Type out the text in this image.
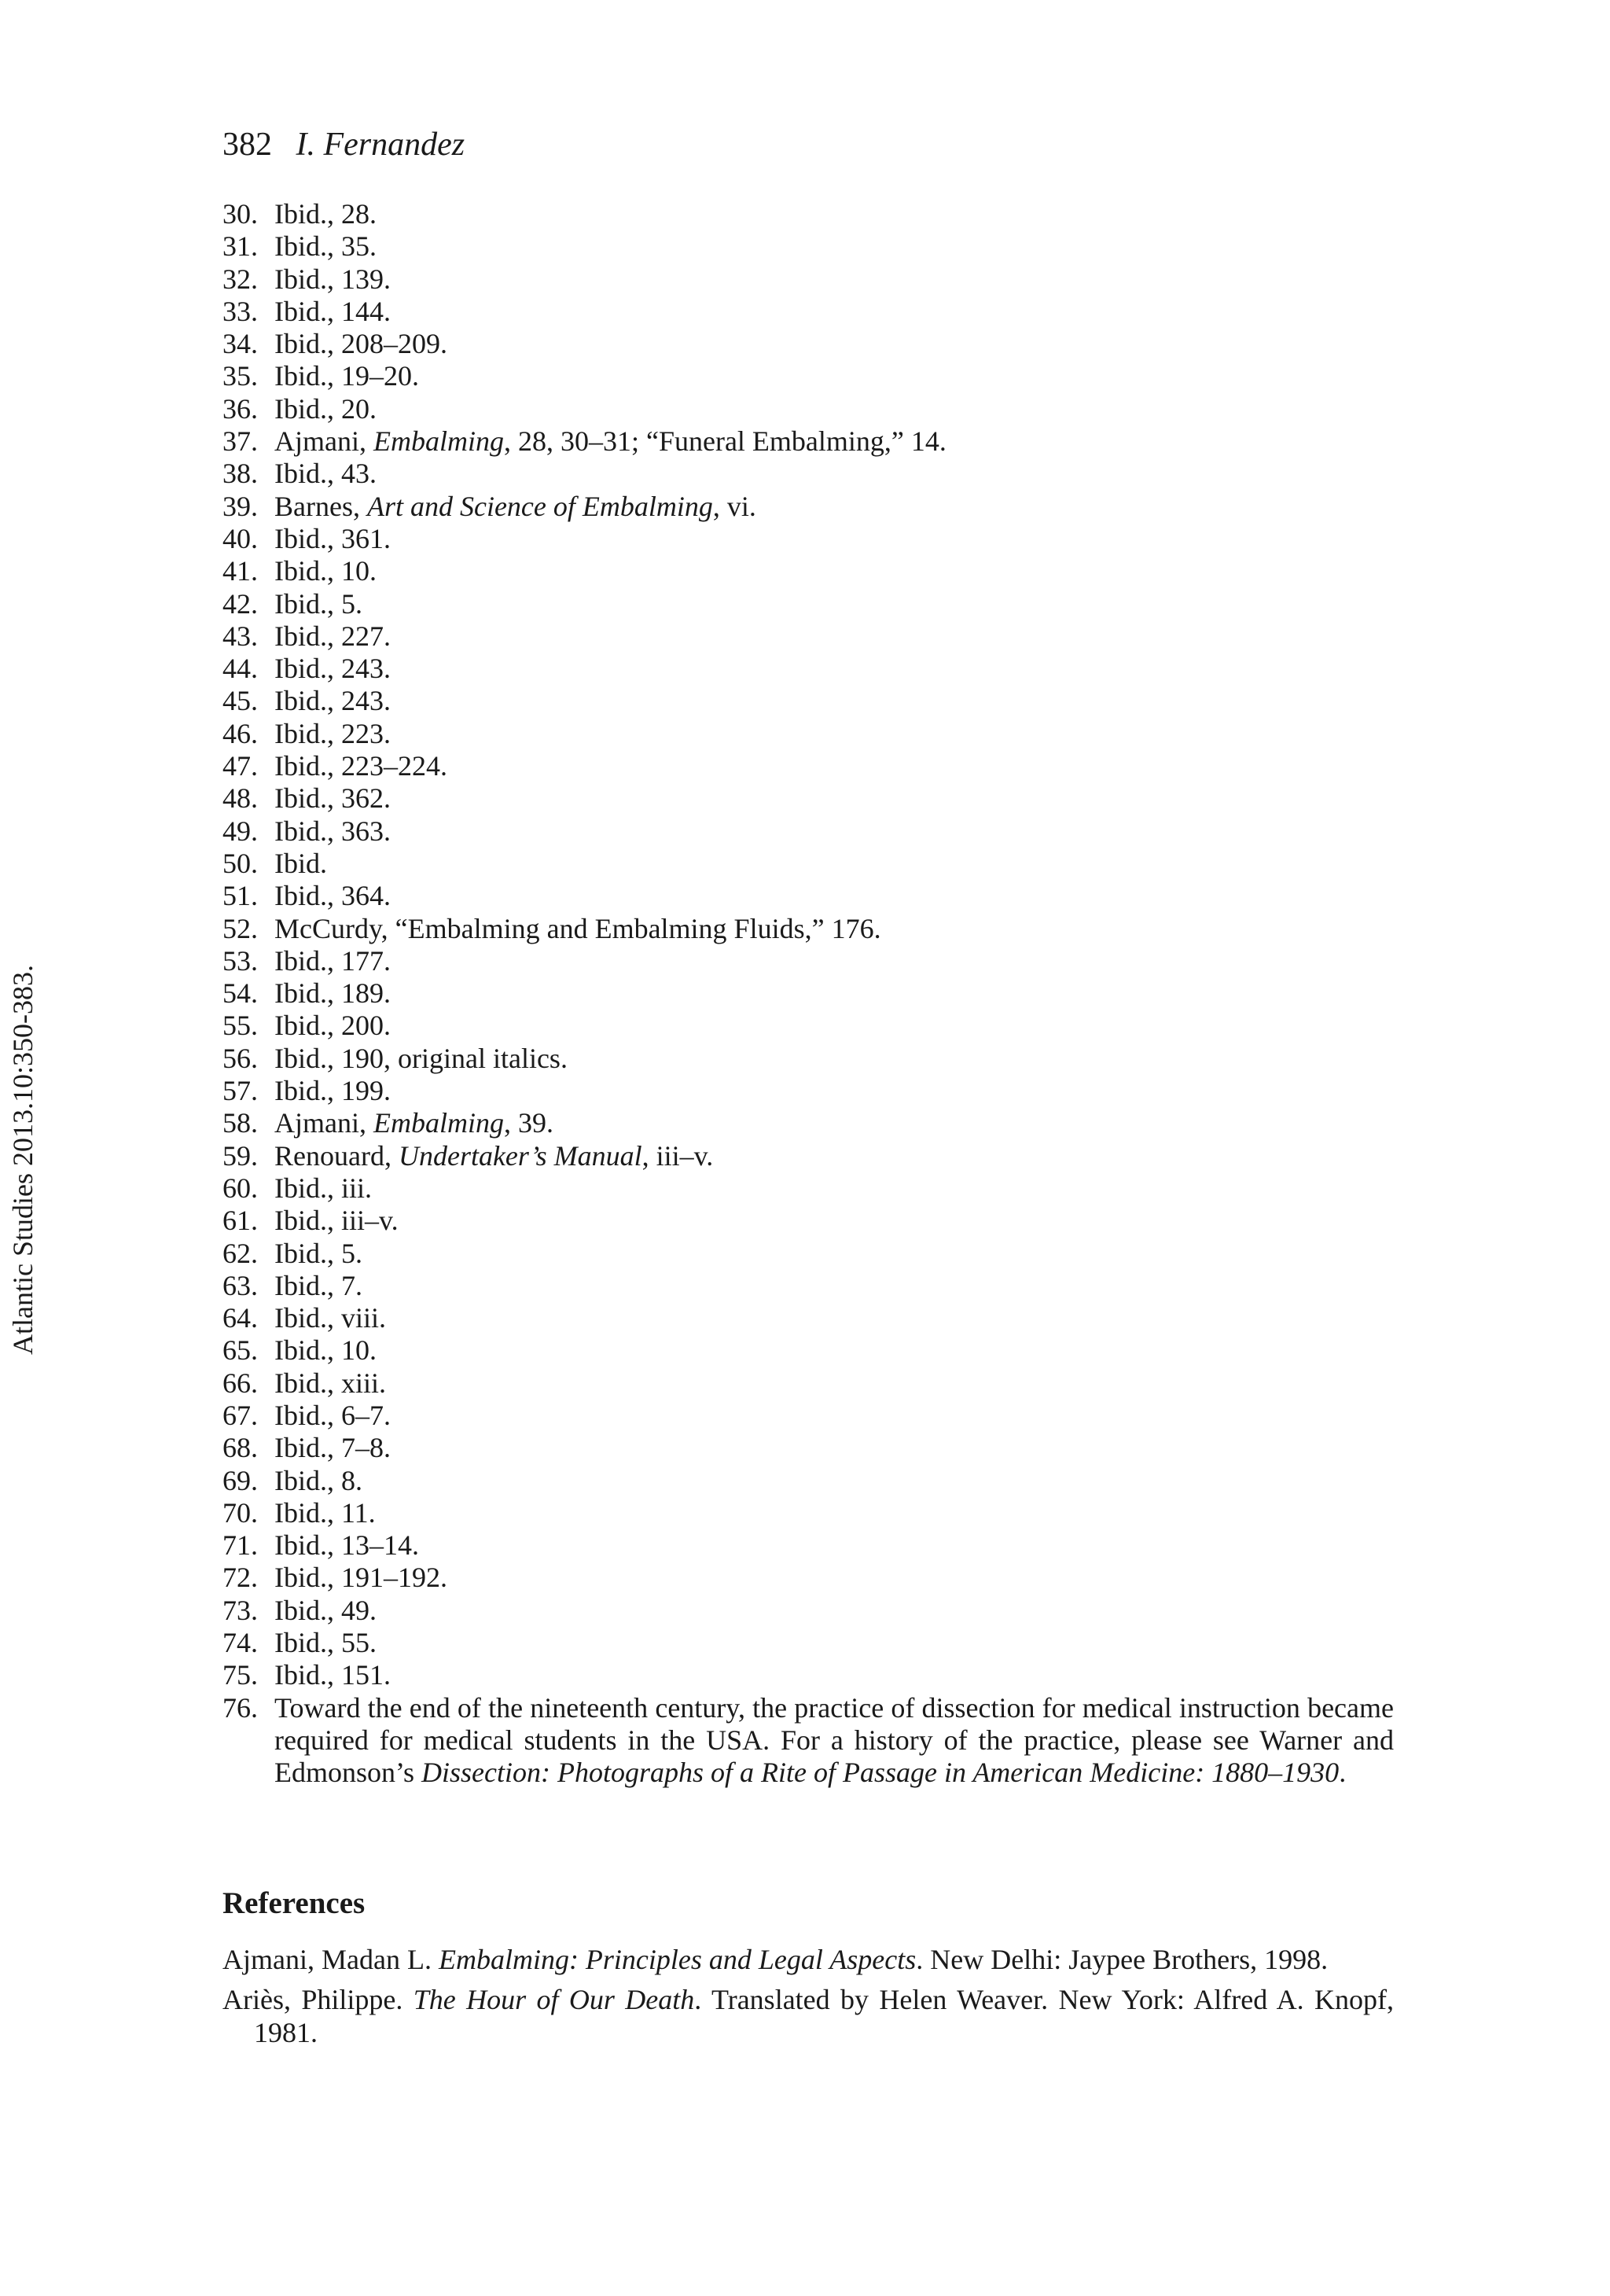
Atlantic Studies 2013.10:350-383.
382 I. Fernandez
30. Ibid., 28.
31. Ibid., 35.
32. Ibid., 139.
33. Ibid., 144.
34. Ibid., 208–209.
35. Ibid., 19–20.
36. Ibid., 20.
37. Ajmani, Embalming, 28, 30–31; “Funeral Embalming,” 14.
38. Ibid., 43.
39. Barnes, Art and Science of Embalming, vi.
40. Ibid., 361.
41. Ibid., 10.
42. Ibid., 5.
43. Ibid., 227.
44. Ibid., 243.
45. Ibid., 243.
46. Ibid., 223.
47. Ibid., 223–224.
48. Ibid., 362.
49. Ibid., 363.
50. Ibid.
51. Ibid., 364.
52. McCurdy, “Embalming and Embalming Fluids,” 176.
53. Ibid., 177.
54. Ibid., 189.
55. Ibid., 200.
56. Ibid., 190, original italics.
57. Ibid., 199.
58. Ajmani, Embalming, 39.
59. Renouard, Undertaker’s Manual, iii–v.
60. Ibid., iii.
61. Ibid., iii–v.
62. Ibid., 5.
63. Ibid., 7.
64. Ibid., viii.
65. Ibid., 10.
66. Ibid., xiii.
67. Ibid., 6–7.
68. Ibid., 7–8.
69. Ibid., 8.
70. Ibid., 11.
71. Ibid., 13–14.
72. Ibid., 191–192.
73. Ibid., 49.
74. Ibid., 55.
75. Ibid., 151.
76. Toward the end of the nineteenth century, the practice of dissection for medical instruction became required for medical students in the USA. For a history of the practice, please see Warner and Edmonson’s Dissection: Photographs of a Rite of Passage in American Medicine: 1880–1930.
References
Ajmani, Madan L. Embalming: Principles and Legal Aspects. New Delhi: Jaypee Brothers, 1998.
Ariès, Philippe. The Hour of Our Death. Translated by Helen Weaver. New York: Alfred A. Knopf, 1981.
